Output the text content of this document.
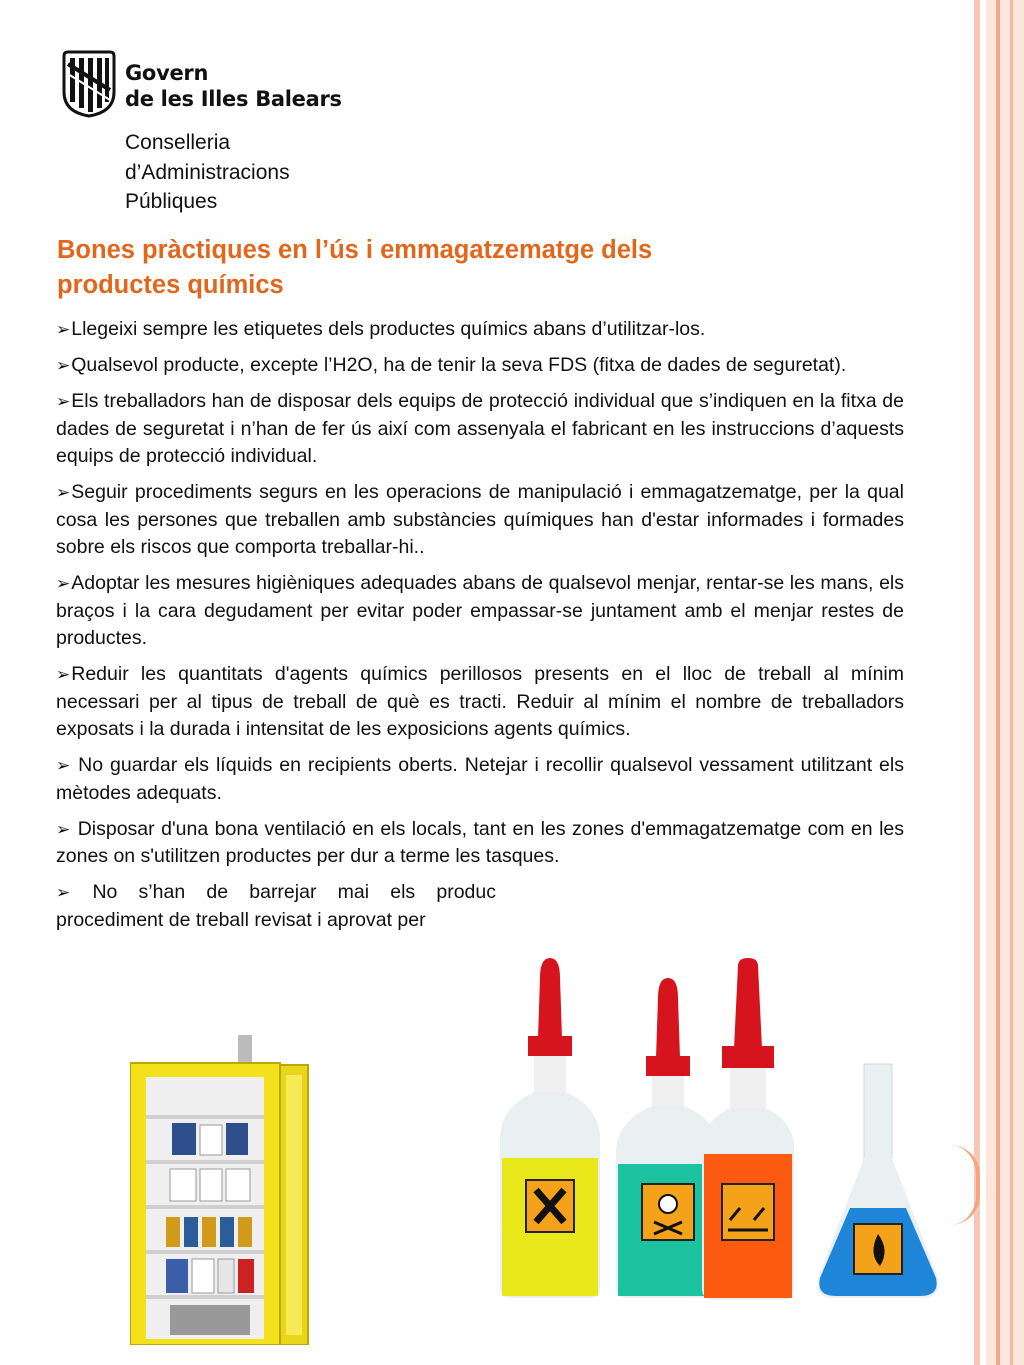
Govern
de les Illes Balears
Conselleria
d’Administracions
Públiques
Bones pràctiques en l’ús i emmagatzematge dels
productes químics
➢Llegeixi sempre les etiquetes dels productes químics abans d’utilitzar-los.
➢Qualsevol producte, excepte l’H2O, ha de tenir la seva FDS (fitxa de dades de seguretat).
➢Els treballadors han de disposar dels equips de protecció individual que s’indiquen en la fitxa de dades de seguretat i n’han de fer ús així com assenyala el fabricant en les instruccions d’aquests equips de protecció individual.
➢Seguir procediments segurs en les operacions de manipulació i emmagatzematge, per la qual cosa les persones que treballen amb substàncies químiques han d'estar informades i formades sobre els riscos que comporta treballar-hi..
➢Adoptar les mesures higièniques adequades abans de qualsevol menjar, rentar-se les mans, els braços i la cara degudament per evitar poder empassar-se juntament amb el menjar restes de productes.
➢Reduir les quantitats d'agents químics perillosos presents en el lloc de treball al mínim necessari per al tipus de treball de què es tracti. Reduir al mínim el nombre de treballadors exposats i la durada i intensitat de les exposicions agents químics.
➢ No guardar els líquids en recipients oberts. Netejar i recollir qualsevol vessament utilitzant els mètodes adequats.
➢ Disposar d'una bona ventilació en els locals, tant en les zones d'emmagatzematge com en les zones on s'utilitzen productes per dur a terme les tasques.
➢ No s’han de barrejar mai els produc procediment de treball revisat i aprovat per
